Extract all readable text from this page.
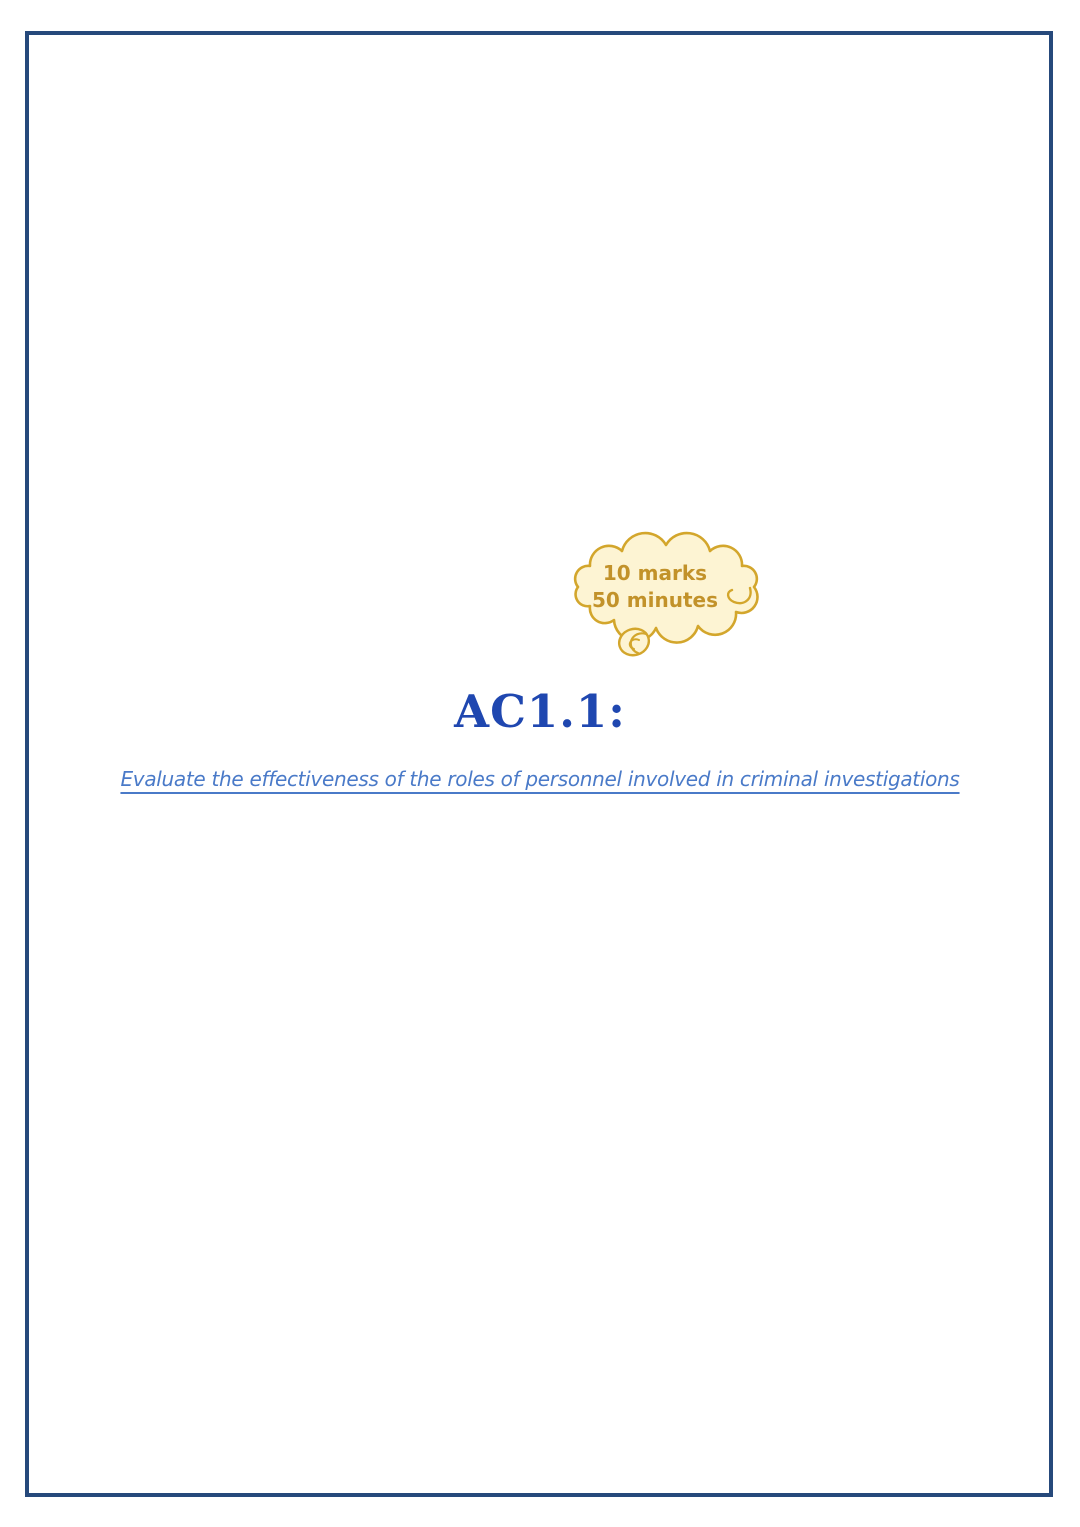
10 marks
50 minutes
AC1.1:
Evaluate the effectiveness of the roles of personnel involved in criminal investigations
